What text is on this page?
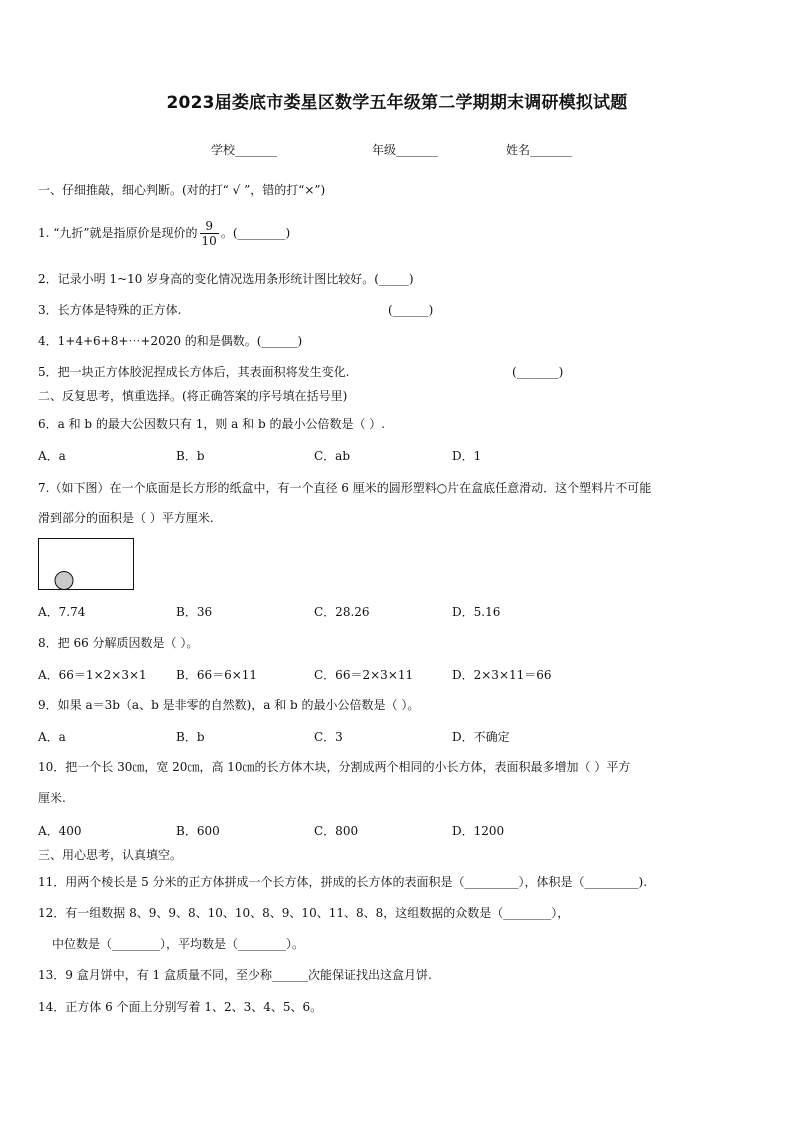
2023届娄底市娄星区数学五年级第二学期期末调研模拟试题
学校_______	年级_______	姓名_______
一、仔细推敲，细心判断。(对的打“ √ ”，错的打“×”)
1. “九折”就是指原价是现价的 $\frac{9}{10}$ 。(________)
2．记录小明 1~10 岁身高的变化情况选用条形统计图比较好。(_____)
3．长方体是特殊的正方体.	(______)
4．1+4+6+8+⋯+2020 的和是偶数。(______)
5．把一块正方体胶泥捏成长方体后，其表面积将发生变化.	(_______)
二、反复思考，慎重选择。(将正确答案的序号填在括号里)
6．a 和 b 的最大公因数只有 1，则 a 和 b 的最小公倍数是（ ）.
A．a	B．b	C．ab	D．1
7.（如下图）在一个底面是长方形的纸盒中，有一个直径 6 厘米的圆形塑料○片在盒底任意滑动．这个塑料片不可能
滑到部分的面积是（ ）平方厘米.
A．7.74	B．36	C．28.26	D．5.16
8．把 66 分解质因数是（ ）。
A．66＝1×2×3×1 B．66＝6×11	C．66＝2×3×11	D．2×3×11＝66
9．如果 a＝3b（a、b 是非零的自然数)，a 和 b 的最小公倍数是（ ）。
A．a	B．b	C．3	D．不确定
10．把一个长 30㎝，宽 20㎝，高 10㎝的长方体木块，分割成两个相同的小长方体，表面积最多增加（ ）平方
厘米.
A．400	B．600	C．800	D．1200
三、用心思考，认真填空。
11．用两个棱长是 5 分米的正方体拼成一个长方体，拼成的长方体的表面积是（_________），体积是（_________).
12．有一组数据 8、9、9、8、10、10、8、9、10、11、8、8，这组数据的众数是（________），
中位数是（________），平均数是（________）。
13．9 盒月饼中，有 1 盒质量不同，至少称______次能保证找出这盒月饼.
14．正方体 6 个面上分别写着 1、2、3、4、5、6。
